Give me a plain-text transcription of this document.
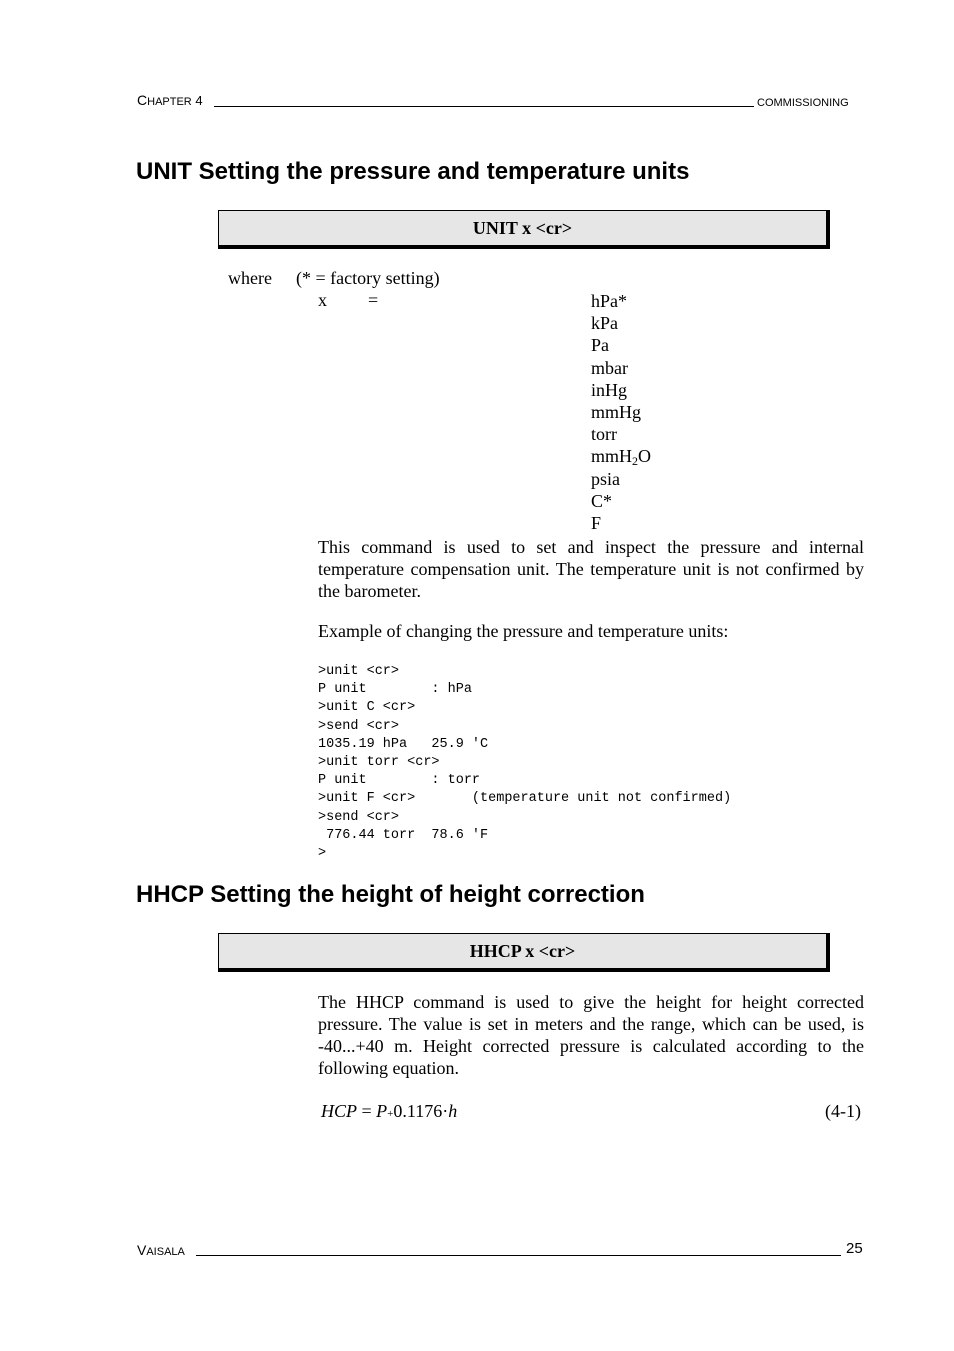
CHAPTER 4	COMMISSIONING
UNIT Setting the pressure and temperature units
UNIT x <cr>
where (* = factory setting)
x =	hPa*
kPa
Pa
mbar
inHg
mmHg
torr
mmH$_2$O
psia
C*
F
This command is used to set and inspect the pressure and internal temperature compensation unit. The temperature unit is not confirmed by the barometer.
Example of changing the pressure and temperature units:
>unit <cr>
P unit        : hPa
>unit C <cr>
>send <cr>
1035.19 hPa   25.9 'C
>unit torr <cr>
P unit        : torr
>unit F <cr>       (temperature unit not confirmed)
>send <cr>
776.44 torr  78.6 'F
>
HHCP Setting the height of height correction
HHCP x <cr>
The HHCP command is used to give the height for height corrected pressure. The value is set in meters and the range, which can be used, is -40...+40 m. Height corrected pressure is calculated according to the following equation.
HCP = P+0.1176·h	(4-1)
VAISALA	25
